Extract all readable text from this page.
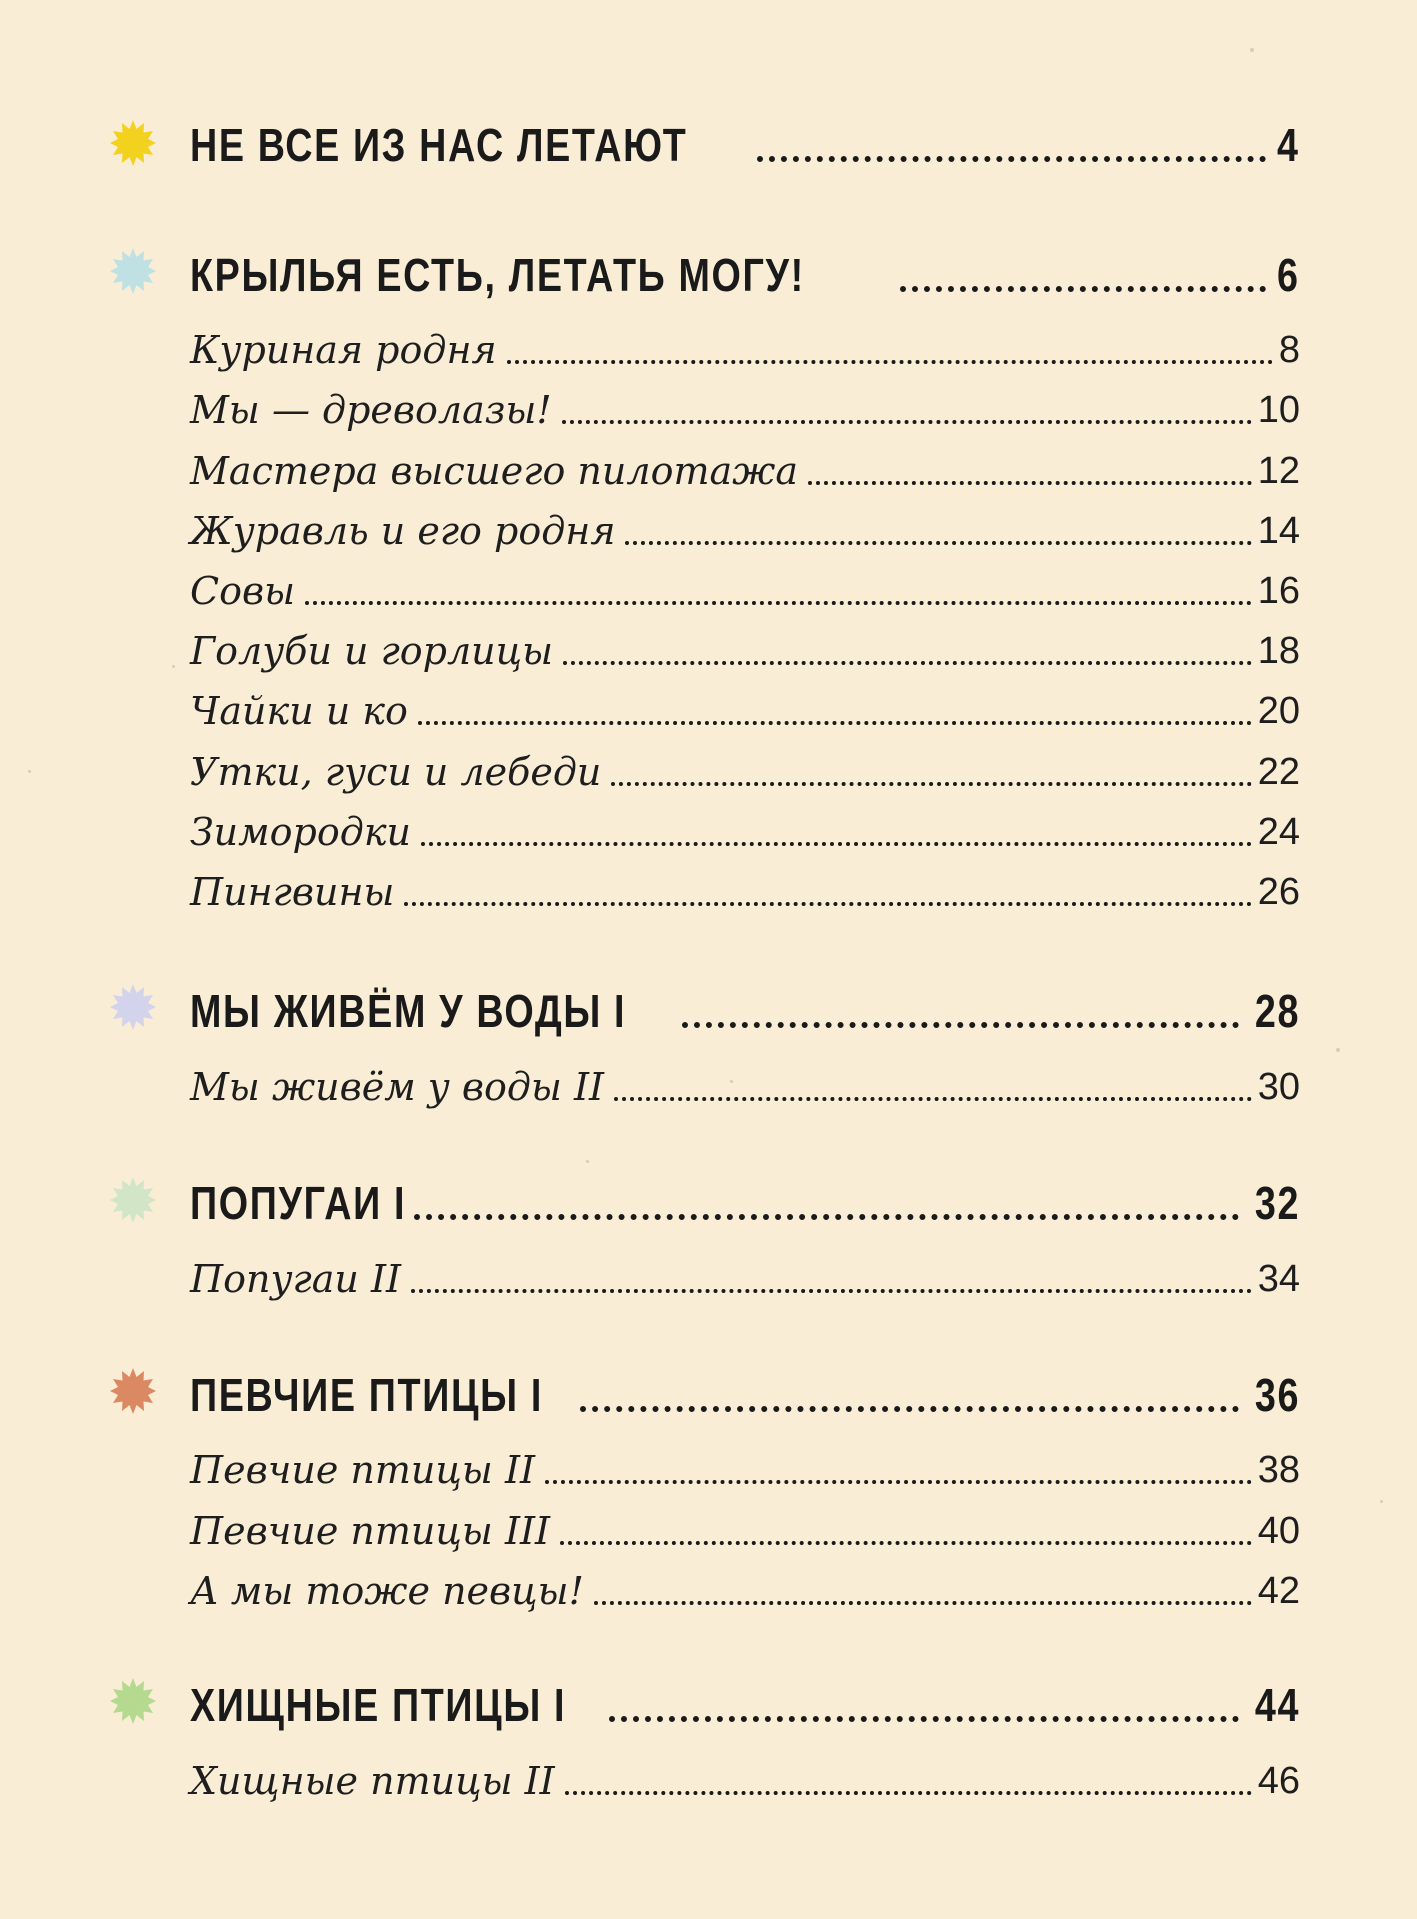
НЕ ВСЕ ИЗ НАС ЛЕТАЮТ	4
КРЫЛЬЯ ЕСТЬ, ЛЕТАТЬ МОГУ!	6
Куриная родня	8
Мы — древолазы!	10
Мастера высшего пилотажа	12
Журавль и его родня	14
Совы	16
Голуби и горлицы	18
Чайки и ко	20
Утки, гуси и лебеди	22
Зимородки	24
Пингвины	26
МЫ ЖИВЁМ У ВОДЫ I	28
Мы живём у воды II	30
ПОПУГАИ I	32
Попугаи II	34
ПЕВЧИЕ ПТИЦЫ I	36
Певчие птицы II	38
Певчие птицы III	40
А мы тоже певцы!	42
ХИЩНЫЕ ПТИЦЫ I	44
Хищные птицы II	46
